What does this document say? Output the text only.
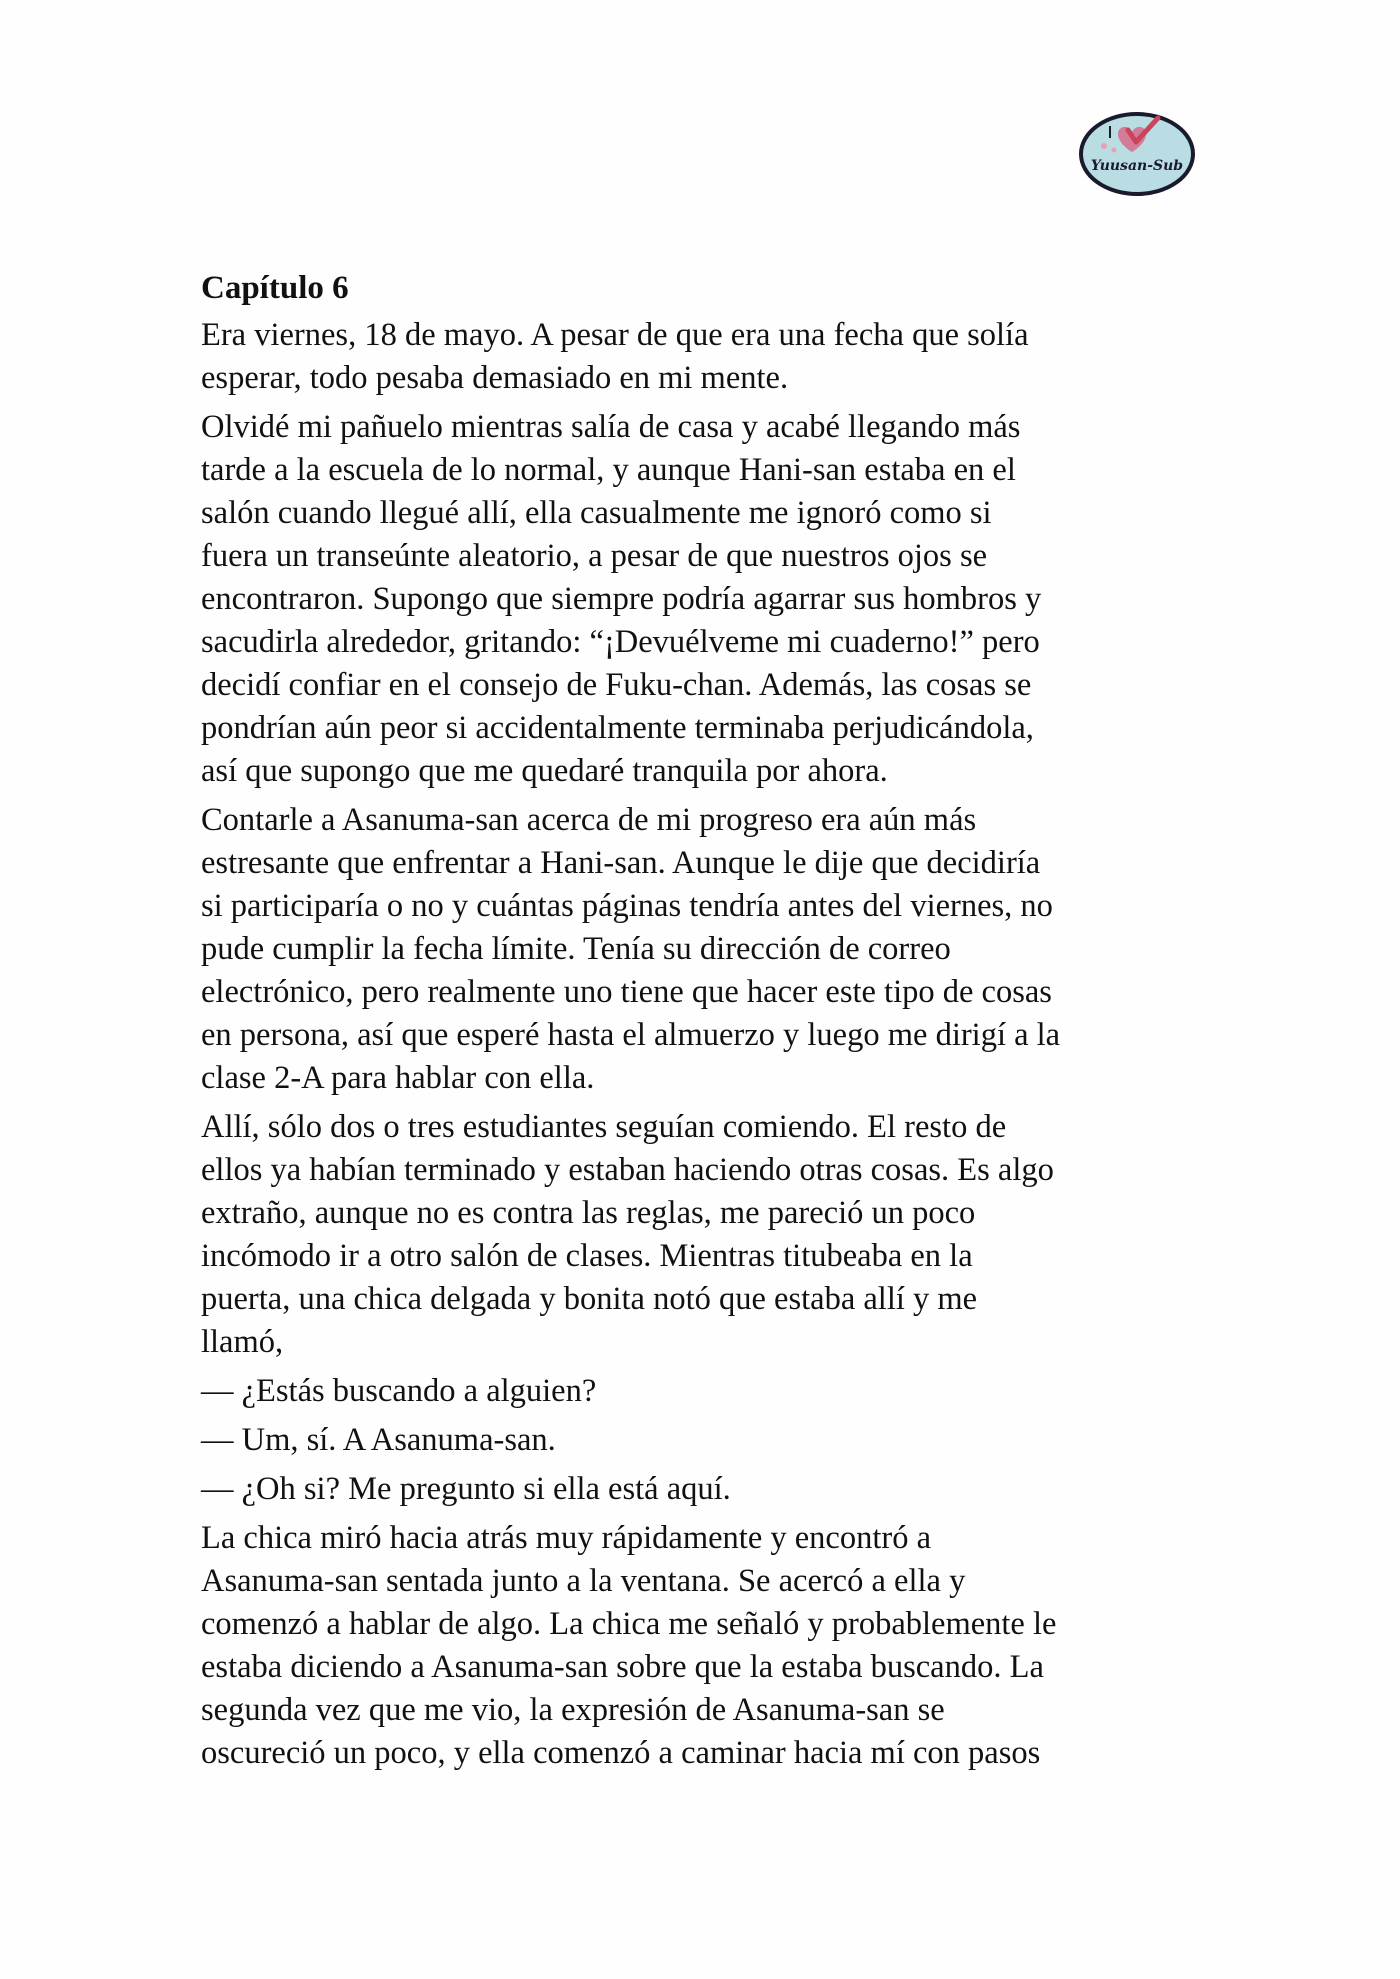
Yuusan-Sub
Capítulo 6
Era viernes, 18 de mayo. A pesar de que era una fecha que solía
esperar, todo pesaba demasiado en mi mente.
Olvidé mi pañuelo mientras salía de casa y acabé llegando más
tarde a la escuela de lo normal, y aunque Hani-san estaba en el
salón cuando llegué allí, ella casualmente me ignoró como si
fuera un transeúnte aleatorio, a pesar de que nuestros ojos se
encontraron. Supongo que siempre podría agarrar sus hombros y
sacudirla alrededor, gritando: “¡Devuélveme mi cuaderno!” pero
decidí confiar en el consejo de Fuku-chan. Además, las cosas se
pondrían aún peor si accidentalmente terminaba perjudicándola,
así que supongo que me quedaré tranquila por ahora.
Contarle a Asanuma-san acerca de mi progreso era aún más
estresante que enfrentar a Hani-san. Aunque le dije que decidiría
si participaría o no y cuántas páginas tendría antes del viernes, no
pude cumplir la fecha límite. Tenía su dirección de correo
electrónico, pero realmente uno tiene que hacer este tipo de cosas
en persona, así que esperé hasta el almuerzo y luego me dirigí a la
clase 2-A para hablar con ella.
Allí, sólo dos o tres estudiantes seguían comiendo. El resto de
ellos ya habían terminado y estaban haciendo otras cosas. Es algo
extraño, aunque no es contra las reglas, me pareció un poco
incómodo ir a otro salón de clases. Mientras titubeaba en la
puerta, una chica delgada y bonita notó que estaba allí y me
llamó,
— ¿Estás buscando a alguien?
— Um, sí. A Asanuma-san.
— ¿Oh si? Me pregunto si ella está aquí.
La chica miró hacia atrás muy rápidamente y encontró a
Asanuma-san sentada junto a la ventana. Se acercó a ella y
comenzó a hablar de algo. La chica me señaló y probablemente le
estaba diciendo a Asanuma-san sobre que la estaba buscando. La
segunda vez que me vio, la expresión de Asanuma-san se
oscureció un poco, y ella comenzó a caminar hacia mí con pasos
